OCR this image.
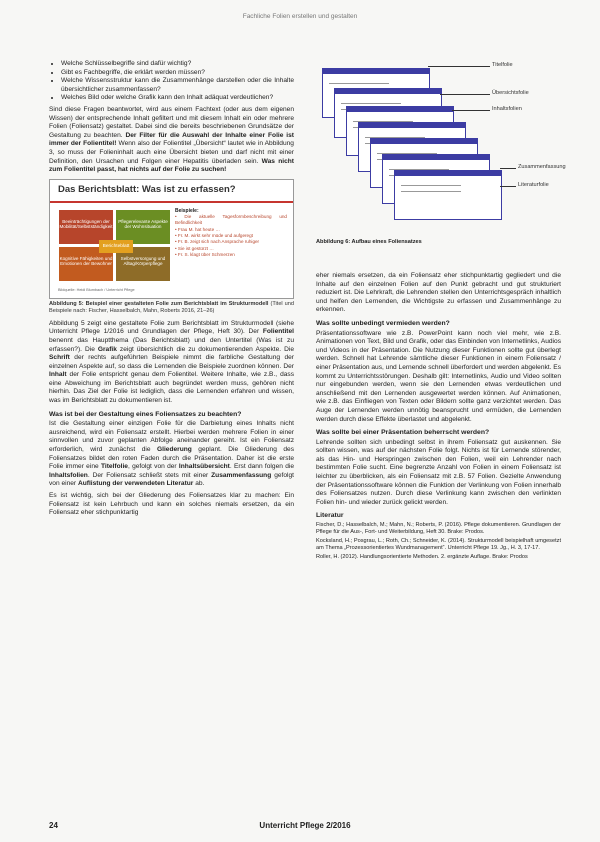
Fachliche Folien erstellen und gestalten
• Welche Schlüsselbegriffe sind dafür wichtig?
• Gibt es Fachbegriffe, die erklärt werden müssen?
• Welche Wissensstruktur kann die Zusammenhänge darstellen oder die Inhalte übersichtlicher zusammenfassen?
• Welches Bild oder welche Grafik kann den Inhalt adäquat verdeutlichen?

Sind diese Fragen beantwortet, wird aus einem Fachtext (oder aus dem eigenen Wissen) der entsprechende Inhalt gefiltert und mit diesem Inhalt ein oder mehrere Folien (Foliensatz) gestaltet. Dabei sind die bereits beschriebenen Grundsätze der Gestaltung zu beachten. Der Filter für die Auswahl der Inhalte einer Folie ist immer der Folientitel! Wenn also der Folientitel „Übersicht“ lautet wie in Abbildung 3, so muss der Folieninhalt auch eine Übersicht bieten und darf nicht mit einer Definition, den Ursachen und Folgen einer Hepatitis überladen sein. Was nicht zum Folientitel passt, hat nichts auf der Folie zu suchen!

Das Berichtsblatt: Was ist zu erfassen?
Beeinträchtigungen der Mobilität/Selbstständigkeit
Pflegerelevante Aspekte der Wohnsituation
Kognitive Fähigkeiten und Emotionen der Bewohner
Selbstversorgung und Alltag/Körperpflege
Berichteblatt
Beispiele:
• Die aktuelle Tagesformbeschreibung und Befindlichkeit
• Frau M. hat heute …
• Fr. M. wirkt sehr müde und aufgeregt
• Fr. B. zeigt sich nach Ansprache ruhiger
• Sie ist gestürzt …
• Fr. S. klagt über Schmerzen
Bildquelle: Heidi Blumbach / Unterricht Pflege
Abbildung 5: Beispiel einer gestalteten Folie zum Berichtsblatt im Strukturmodell (Titel und Beispiele nach: Fischer, Hasselbalch, Mahn, Roberts 2016, 21–26)

Abbildung 5 zeigt eine gestaltete Folie zum Berichtsblatt im Strukturmodell (siehe Unterricht Pflege 1/2016 und Grundlagen der Pflege, Heft 30). Der Folientitel benennt das Hauptthema (Das Berichtsblatt) und den Untertitel (Was ist zu erfassen?). Die Grafik zeigt übersichtlich die zu dokumentierenden Aspekte. Die Schrift der rechts aufgeführten Beispiele nimmt die farbliche Gestaltung der einzelnen Aspekte auf, so dass die Lernenden die Beispiele zuordnen können. Der Inhalt der Folie entspricht genau dem Folientitel. Weitere Inhalte, wie z.B., dass eine Abweichung im Berichtsblatt auch begründet werden muss, gehören nicht hierhin. Das Ziel der Folie ist lediglich, dass die Lernenden erfahren und wissen, was im Berichtsblatt zu dokumentieren ist.

Was ist bei der Gestaltung eines Foliensatzes zu beachten?

Ist die Gestaltung einer einzigen Folie für die Darbietung eines Inhalts nicht ausreichend, wird ein Foliensatz erstellt. Hierbei werden mehrere Folien in einer sinnvollen und zuvor geplanten Abfolge aneinander gereiht. Ist ein Foliensatz erforderlich, wird zunächst die Gliederung geplant. Die Gliederung des Foliensatzes bildet den roten Faden durch die Präsentation. Daher ist die erste Folie immer eine Titelfolie, gefolgt von der Inhaltsübersicht. Erst dann folgen die Inhaltsfolien. Der Foliensatz schließt stets mit einer Zusammenfassung gefolgt von einer Auflistung der verwendeten Literatur ab.

Es ist wichtig, sich bei der Gliederung des Foliensatzes klar zu machen: Ein Foliensatz ist kein Lehrbuch und kann ein solches niemals ersetzen, da ein Foliensatz eher stichpunktartig

Titelfolie
Übersichtsfolie
Inhaltsfolien
Zusammenfassung
Literaturfolie
Abbildung 6: Aufbau eines Foliensatzes

eher niemals ersetzen, da ein Foliensatz eher stichpunktartig gegliedert und die Inhalte auf den einzelnen Folien auf den Punkt gebracht und gut strukturiert reduziert ist. Die Lehrkraft, die Lehrenden stellen den Unterrichtsgespräch inhaltlich und helfen den Lernenden, die Wichtigste zu erfassen und Zusammenhänge zu erkennen.

Was sollte unbedingt vermieden werden?

Präsentationssoftware wie z.B. PowerPoint kann noch viel mehr, wie z.B. Animationen von Text, Bild und Grafik, oder das Einbinden von Internetlinks, Audios und Videos in der Präsentation. Die Nutzung dieser Funktionen sollte gut überlegt werden. Schnell hat Lehrende sämtliche dieser Funktionen in einem Foliensatz / einer Präsentation aus, und Lernende schnell überfordert und werden abgelenkt. Es kommt zu Unterrichtsstörungen. Deshalb gilt: Internetlinks, Audio und Video sollten nur eingebunden werden, wenn sie den Lernenden etwas verdeutlichen und anschließend mit den Lernenden ausgewertet werden können. Auf Animationen, wie z.B. das Einfliegen von Texten oder Bildern sollte ganz verzichtet werden. Das Auge der Lernenden werden unnötig beansprucht und ermüden, die Lernenden werden durch diese Effekte überlastet und abgelenkt.

Was sollte bei einer Präsentation beherrscht werden?

Lehrende sollten sich unbedingt selbst in ihrem Foliensatz gut auskennen. Sie sollten wissen, was auf der nächsten Folie folgt. Nichts ist für Lernende störender, als das Hin- und Herspringen zwischen den Folien, weil ein Lehrender nach bestimmten Folie sucht. Eine begrenzte Anzahl von Folien in einem Foliensatz ist leichter zu überblicken, als ein Foliensatz mit z.B. 57 Folien. Gezielte Anwendung der Präsentationssoftware können die Funktion der Verlinkung von Folien innerhalb des Foliensatzes nutzen. Durch diese Verlinkung kann zwischen den verlinkten Folien hin- und wieder zurück gelickt werden.

Literatur
Fischer, D.; Hasselbalch, M.; Mahn, N.; Roberts, P. (2016). Pflege dokumentieren. Grundlagen der Pflege für die Aus-, Fort- und Weiterbildung, Heft 30. Brake: Prodos.
Kocksland, H.; Posgrau, L.; Roth, Ch.; Schneider, K. (2014). Strukturmodell beispielhaft umgesetzt am Thema „Prozessorientiertes Wundmanagement“. Unterricht Pflege 19. Jg., H. 3, 17-17.
Roller, H. (2012). Handlungsorientierte Methoden. 2. ergänzte Auflage. Brake: Prodos
24	Unterricht Pflege 2/2016
